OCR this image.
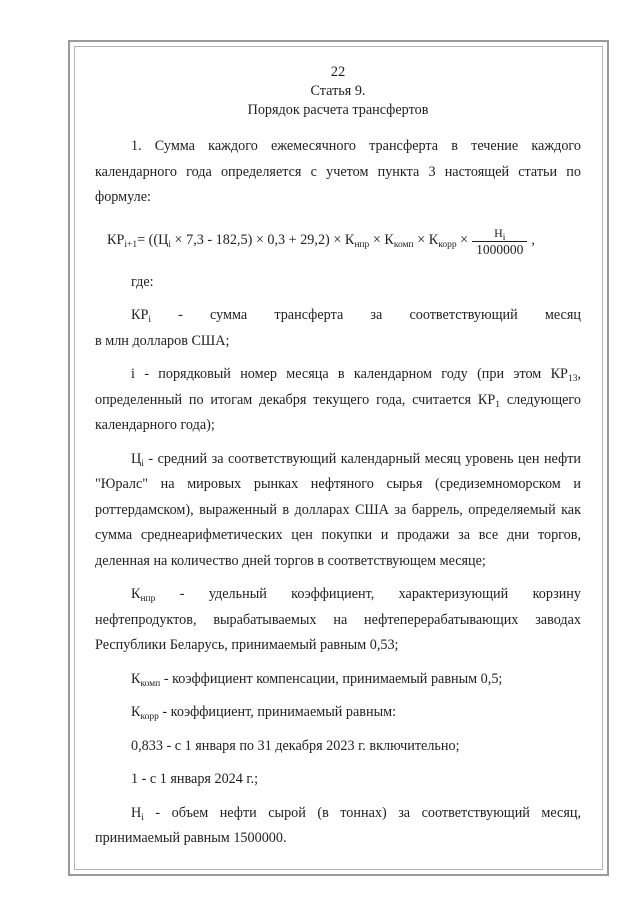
22
Статья 9.
Порядок расчета трансфертов

1. Сумма каждого ежемесячного трансферта в течение каждого календарного года определяется с учетом пункта 3 настоящей статьи по формуле:

$КР_{i+1} = ((Ц_i \times 7,3 - 182,5) \times 0,3 + 29,2) \times К_{нпр} \times К_{комп} \times К_{корр} \times \frac{Н_i}{1000000}$ ,

где:

$КР_i$ - сумма трансферта за соответствующий месяц

в млн долларов США;

i - порядковый номер месяца в календарном году (при этом $КР_{13}$, определенный по итогам декабря текущего года, считается $КР_1$ следующего календарного года);

$Ц_i$ - средний за соответствующий календарный месяц уровень цен нефти "Юралс" на мировых рынках нефтяного сырья (средиземноморском и роттердамском), выраженный в долларах США за баррель, определяемый как сумма среднеарифметических цен покупки и продажи за все дни торгов, деленная на количество дней торгов в соответствующем месяце;

$К_{нпр}$ - удельный коэффициент, характеризующий корзину нефтепродуктов, вырабатываемых на нефтеперерабатывающих заводах Республики Беларусь, принимаемый равным 0,53;

$К_{комп}$ - коэффициент компенсации, принимаемый равным 0,5;

$К_{корр}$ - коэффициент, принимаемый равным:

0,833 - с 1 января по 31 декабря 2023 г. включительно;

1 - с 1 января 2024 г.;

$Н_i$ - объем нефти сырой (в тоннах) за соответствующий месяц, принимаемый равным 1500000.
